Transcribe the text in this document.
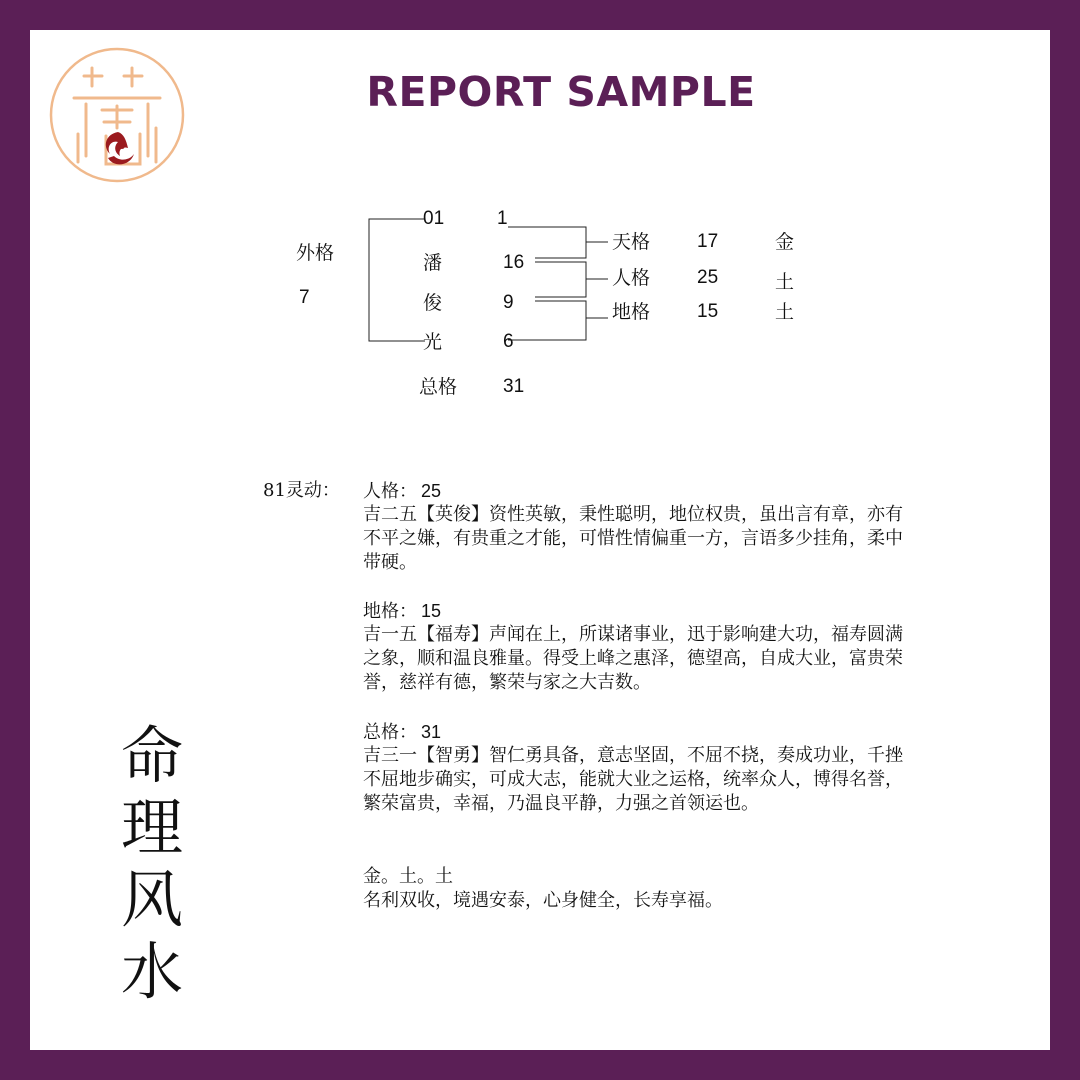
REPORT SAMPLE
外格
7
01	1
潘	16
俊	9
光	6
天格 17	金
人格 25	土
地格 15	土
总格 31
81灵动： 人格： 25
吉二五【英俊】资性英敏，秉性聪明，地位权贵，虽出言有章，亦有
不平之嫌，有贵重之才能，可惜性情偏重一方，言语多少挂角，柔中
带硬。
地格： 15
吉一五【福寿】声闻在上，所谋诸事业，迅于影响建大功，福寿圆满
之象，顺和温良雅量。得受上峰之惠泽，德望高，自成大业，富贵荣
誉，慈祥有德，繁荣与家之大吉数。
总格： 31
吉三一【智勇】智仁勇具备，意志坚固，不屈不挠，奏成功业，千挫
不屈地步确实，可成大志，能就大业之运格，统率众人，博得名誉，
繁荣富贵，幸福，乃温良平静，力强之首领运也。
金。土。土
名利双收，境遇安泰，心身健全，长寿享福。
命
理
风
水
